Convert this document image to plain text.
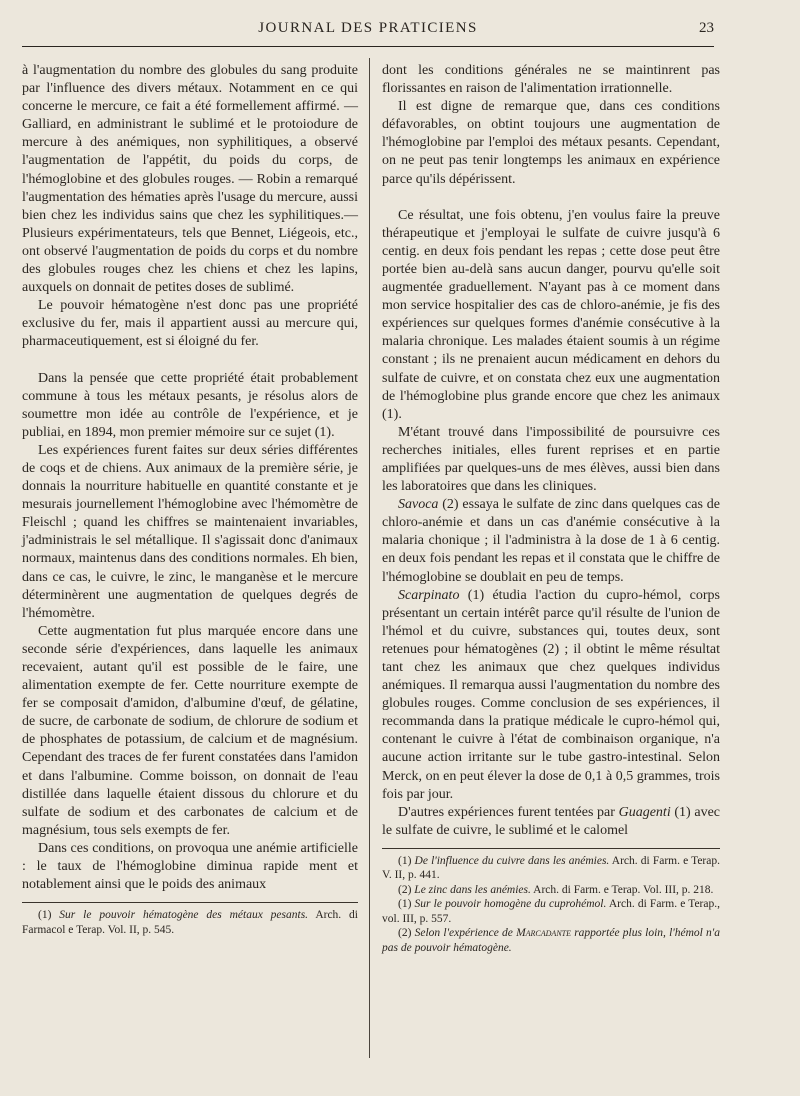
JOURNAL DES PRATICIENS	23

à l'augmentation du nombre des globules du sang produite par l'influence des divers métaux. Notamment en ce qui concerne le mercure, ce fait a été formellement affirmé. — Galliard, en administrant le sublimé et le protoiodure de mercure à des anémiques, non syphilitiques, a observé l'augmentation de l'appétit, du poids du corps, de l'hémoglobine et des globules rouges. — Robin a remarqué l'augmentation des hématies après l'usage du mercure, aussi bien chez les individus sains que chez les syphilitiques.—Plusieurs expérimentateurs, tels que Bennet, Liégeois, etc., ont observé l'augmentation de poids du corps et du nombre des globules rouges chez les chiens et chez les lapins, auxquels on donnait de petites doses de sublimé.

Le pouvoir hématogène n'est donc pas une propriété exclusive du fer, mais il appartient aussi au mercure qui, pharmaceutiquement, est si éloigné du fer.

Dans la pensée que cette propriété était probablement commune à tous les métaux pesants, je résolus alors de soumettre mon idée au contrôle de l'expérience, et je publiai, en 1894, mon premier mémoire sur ce sujet (1).

Les expériences furent faites sur deux séries différentes de coqs et de chiens. Aux animaux de la première série, je donnais la nourriture habituelle en quantité constante et je mesurais journellement l'hémoglobine avec l'hémomètre de Fleischl ; quand les chiffres se maintenaient invariables, j'administrais le sel métallique. Il s'agissait donc d'animaux normaux, maintenus dans des conditions normales. Eh bien, dans ce cas, le cuivre, le zinc, le manganèse et le mercure déterminèrent une augmentation de quelques degrés de l'hémomètre.

Cette augmentation fut plus marquée encore dans une seconde série d'expériences, dans laquelle les animaux recevaient, autant qu'il est possible de le faire, une alimentation exempte de fer. Cette nourriture exempte de fer se composait d'amidon, d'albumine d'œuf, de gélatine, de sucre, de carbonate de sodium, de chlorure de sodium et de phosphates de potassium, de calcium et de magnésium. Cependant des traces de fer furent constatées dans l'amidon et dans l'albumine. Comme boisson, on donnait de l'eau distillée dans laquelle étaient dissous du chlorure et du sulfate de sodium et des carbonates de calcium et de magnésium, tous sels exempts de fer.

Dans ces conditions, on provoqua une anémie artificielle : le taux de l'hémoglobine diminua rapide ment et notablement ainsi que le poids des animaux

(1) Sur le pouvoir hématogène des métaux pesants. Arch. di Farmacol e Terap. Vol. II, p. 545.

dont les conditions générales ne se maintinrent pas florissantes en raison de l'alimentation irrationnelle.

Il est digne de remarque que, dans ces conditions défavorables, on obtint toujours une augmentation de l'hémoglobine par l'emploi des métaux pesants. Cependant, on ne peut pas tenir longtemps les animaux en expérience parce qu'ils dépérissent.

Ce résultat, une fois obtenu, j'en voulus faire la preuve thérapeutique et j'employai le sulfate de cuivre jusqu'à 6 centig. en deux fois pendant les repas ; cette dose peut être portée bien au-delà sans aucun danger, pourvu qu'elle soit augmentée graduellement. N'ayant pas à ce moment dans mon service hospitalier des cas de chloro-anémie, je fis des expériences sur quelques formes d'anémie consécutive à la malaria chronique. Les malades étaient soumis à un régime constant ; ils ne prenaient aucun médicament en dehors du sulfate de cuivre, et on constata chez eux une augmentation de l'hémoglobine plus grande encore que chez les animaux (1).

M'étant trouvé dans l'impossibilité de poursuivre ces recherches initiales, elles furent reprises et en partie amplifiées par quelques-uns de mes élèves, aussi bien dans les laboratoires que dans les cliniques.

Savoca (2) essaya le sulfate de zinc dans quelques cas de chloro-anémie et dans un cas d'anémie consécutive à la malaria chonique ; il l'administra à la dose de 1 à 6 centig. en deux fois pendant les repas et il constata que le chiffre de l'hémoglobine se doublait en peu de temps.

Scarpinato (1) étudia l'action du cupro-hémol, corps présentant un certain intérêt parce qu'il résulte de l'union de l'hémol et du cuivre, substances qui, toutes deux, sont retenues pour hématogènes (2) ; il obtint le même résultat tant chez les animaux que chez quelques individus anémiques. Il remarqua aussi l'augmentation du nombre des globules rouges. Comme conclusion de ses expériences, il recommanda dans la pratique médicale le cupro-hémol qui, contenant le cuivre à l'état de combinaison organique, n'a aucune action irritante sur le tube gastro-intestinal. Selon Merck, on en peut élever la dose de 0,1 à 0,5 grammes, trois fois par jour.

D'autres expériences furent tentées par Guagenti (1) avec le sulfate de cuivre, le sublimé et le calomel

(1) De l'influence du cuivre dans les anémies. Arch. di Farm. e Terap. V. II, p. 441.

(2) Le zinc dans les anémies. Arch. di Farm. e Terap. Vol. III, p. 218.

(1) Sur le pouvoir homogène du cuprohémol. Arch. di Farm. e Terap., vol. III, p. 557.

(2) Selon l'expérience de Marcadante rapportée plus loin, l'hémol n'a pas de pouvoir hématogène.
